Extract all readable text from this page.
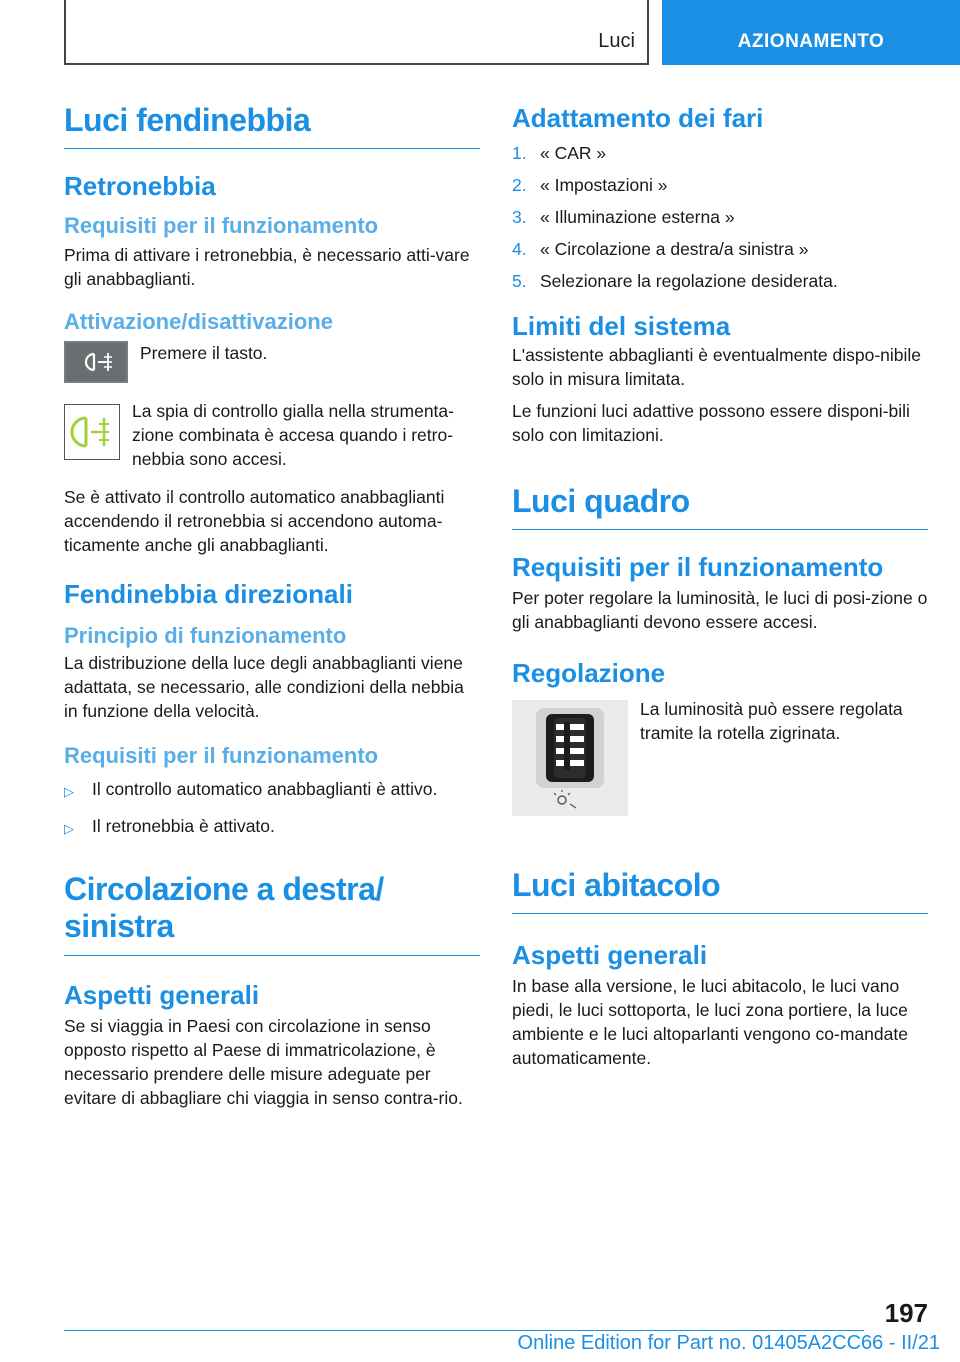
Luci	AZIONAMENTO
Luci fendinebbia
Retronebbia
Requisiti per il funzionamento

Prima di attivare i retronebbia, è necessario atti-vare gli anabbaglianti.

Attivazione/disattivazione

Premere il tasto.

La spia di controllo gialla nella strumenta-zione combinata è accesa quando i retro-nebbia sono accesi.

Se è attivato il controllo automatico anabbaglianti accendendo il retronebbia si accendono automa-ticamente anche gli anabbaglianti.

Fendinebbia direzionali
Principio di funzionamento

La distribuzione della luce degli anabbaglianti viene adattata, se necessario, alle condizioni della nebbia in funzione della velocità.

Requisiti per il funzionamento
▷	Il controllo automatico anabbaglianti è attivo.
▷	Il retronebbia è attivato.
Circolazione a destra/ sinistra
Aspetti generali

Se si viaggia in Paesi con circolazione in senso opposto rispetto al Paese di immatricolazione, è necessario prendere delle misure adeguate per evitare di abbagliare chi viaggia in senso contra-rio.

Adattamento dei fari
1. « CAR »
2. « Impostazioni »
3. « Illuminazione esterna »
4. « Circolazione a destra/a sinistra »
5. Selezionare la regolazione desiderata.
Limiti del sistema

L'assistente abbaglianti è eventualmente dispo-nibile solo in misura limitata.

Le funzioni luci adattive possono essere disponi-bili solo con limitazioni.

Luci quadro
Requisiti per il funzionamento

Per poter regolare la luminosità, le luci di posi-zione o gli anabbaglianti devono essere accesi.

Regolazione

La luminosità può essere regolata tramite la rotella zigrinata.

Luci abitacolo
Aspetti generali

In base alla versione, le luci abitacolo, le luci vano piedi, le luci sottoporta, le luci zona portiere, la luce ambiente e le luci altoparlanti vengono co-mandate automaticamente.

197
Online Edition for Part no. 01405A2CC66 - II/21
